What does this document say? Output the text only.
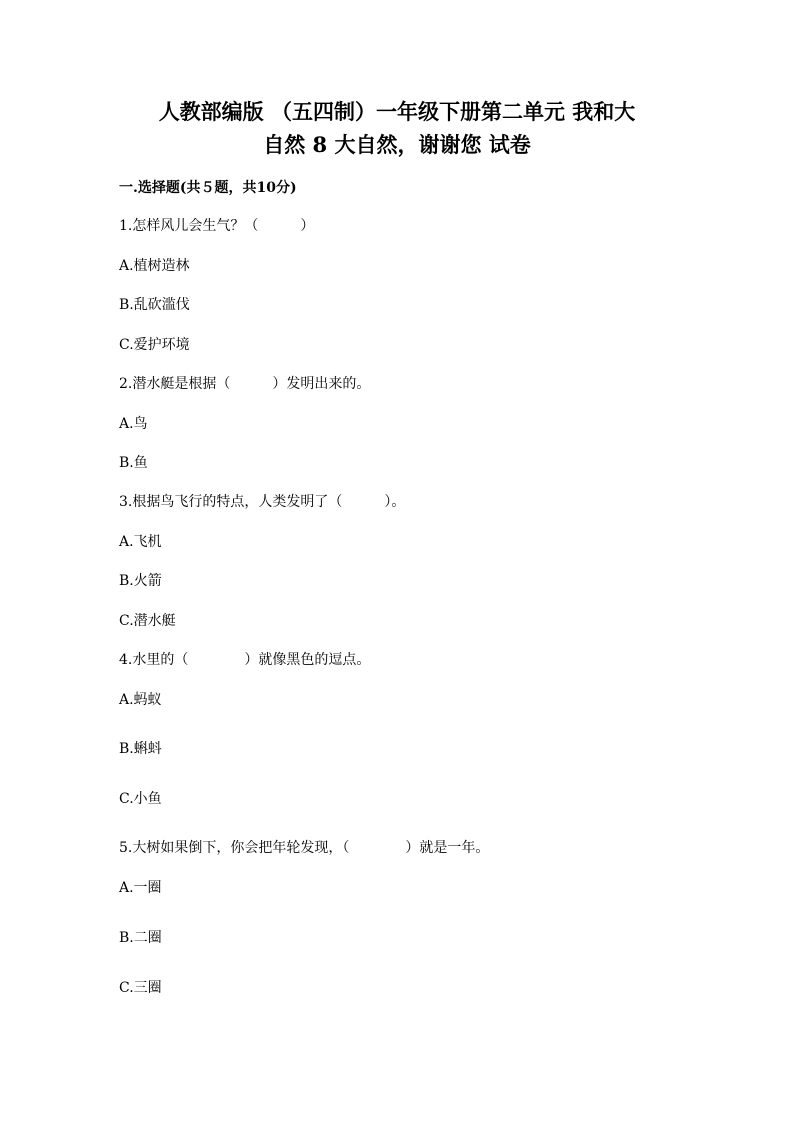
人教部编版 （五四制）一年级下册第二单元 我和大
自然 8 大自然，谢谢您 试卷
一.选择题(共５题，共10分)

1.怎样风儿会生气？（　　　）

A.植树造林

B.乱砍滥伐

C.爱护环境

2.潜水艇是根据（　　　）发明出来的。

A.鸟

B.鱼

3.根据鸟飞行的特点，人类发明了（　　　）。

A.飞机

B.火箭

C.潜水艇

4.水里的（　　　　）就像黑色的逗点。

A.蚂蚁

B.蝌蚪

C.小鱼

5.大树如果倒下，你会把年轮发现，（　　　　）就是一年。

A.一圈

B.二圈

C.三圈
